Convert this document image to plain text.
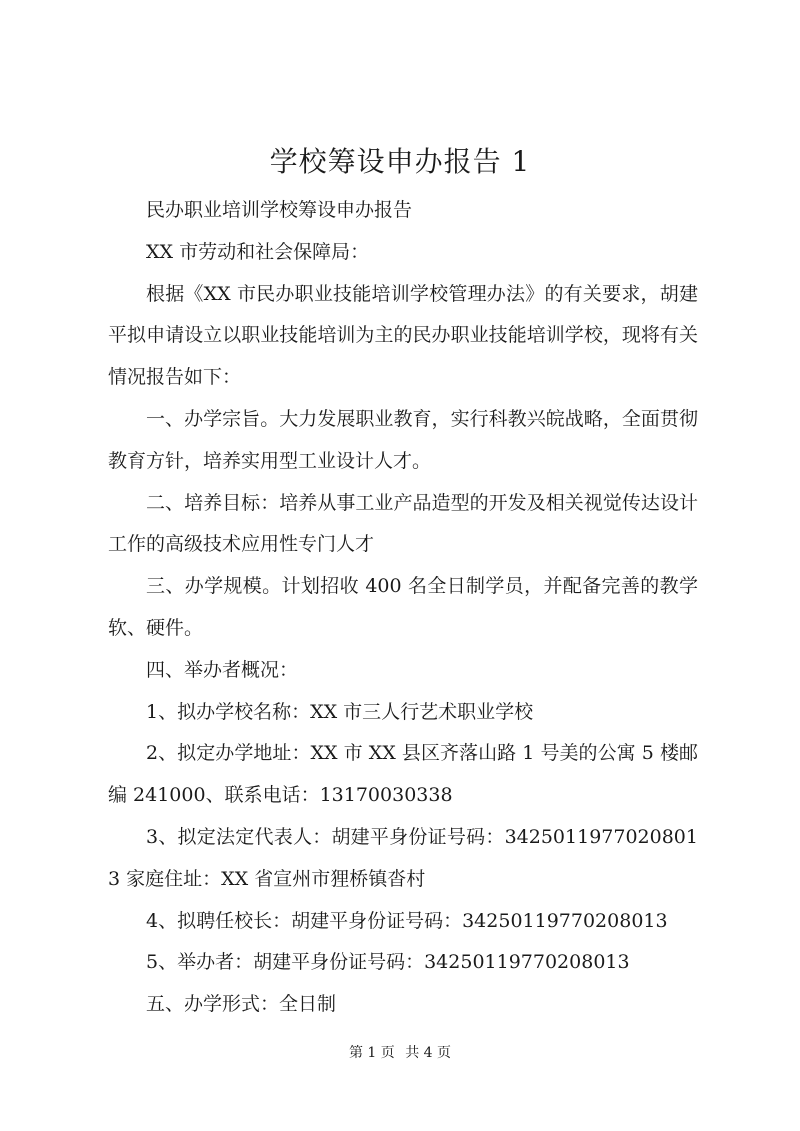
学校筹设申办报告 1

民办职业培训学校筹设申办报告

XX 市劳动和社会保障局：

根据《XX 市民办职业技能培训学校管理办法》的有关要求，胡建平拟申请设立以职业技能培训为主的民办职业技能培训学校，现将有关情况报告如下：

一、办学宗旨。大力发展职业教育，实行科教兴皖战略，全面贯彻教育方针，培养实用型工业设计人才。

二、培养目标：培养从事工业产品造型的开发及相关视觉传达设计工作的高级技术应用性专门人才

三、办学规模。计划招收 400 名全日制学员，并配备完善的教学软、硬件。

四、举办者概况：

1、拟办学校名称：XX 市三人行艺术职业学校

2、拟定办学地址：XX 市 XX 县区齐落山路 1 号美的公寓 5 楼邮编 241000、联系电话：13170030338

3、拟定法定代表人：胡建平身份证号码：34250119770208013 家庭住址：XX 省宣州市狸桥镇沓村

4、拟聘任校长：胡建平身份证号码：34250119770208013

5、举办者：胡建平身份证号码：34250119770208013

五、办学形式：全日制

第 1 页 共 4 页
